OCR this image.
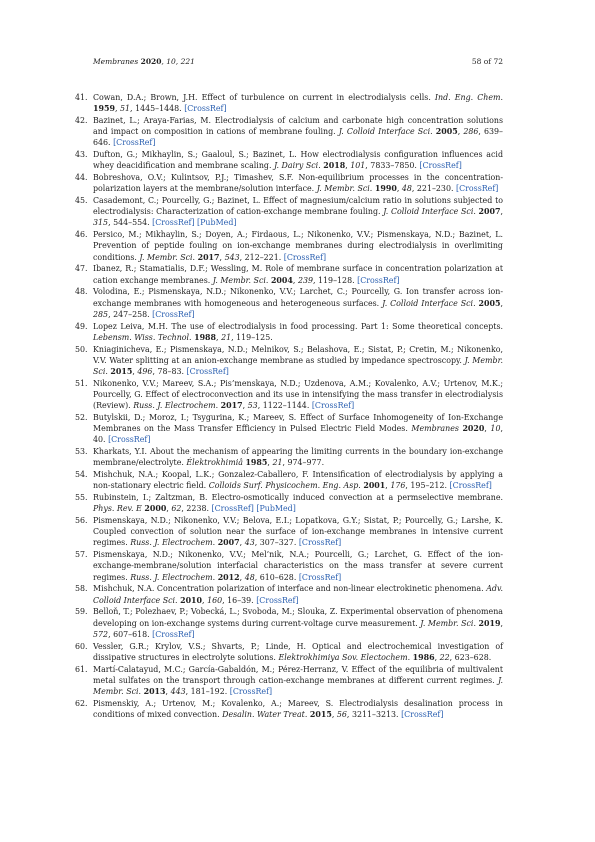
Membranes 2020, 10, 221	58 of 72
41. Cowan, D.A.; Brown, J.H. Effect of turbulence on current in electrodialysis cells. Ind. Eng. Chem. 1959, 51, 1445–1448. [CrossRef]
42. Bazinet, L.; Araya-Farias, M. Electrodialysis of calcium and carbonate high concentration solutions and impact on composition in cations of membrane fouling. J. Colloid Interface Sci. 2005, 286, 639–646. [CrossRef]
43. Dufton, G.; Mikhaylin, S.; Gaaloul, S.; Bazinet, L. How electrodialysis configuration influences acid whey deacidification and membrane scaling. J. Dairy Sci. 2018, 101, 7833–7850. [CrossRef]
44. Bobreshova, O.V.; Kulintsov, P.J.; Timashev, S.F. Non-equilibrium processes in the concentration-polarization layers at the membrane/solution interface. J. Membr. Sci. 1990, 48, 221–230. [CrossRef]
45. Casademont, C.; Pourcelly, G.; Bazinet, L. Effect of magnesium/calcium ratio in solutions subjected to electrodialysis: Characterization of cation-exchange membrane fouling. J. Colloid Interface Sci. 2007, 315, 544–554. [CrossRef] [PubMed]
46. Persico, M.; Mikhaylin, S.; Doyen, A.; Firdaous, L.; Nikonenko, V.V.; Pismenskaya, N.D.; Bazinet, L. Prevention of peptide fouling on ion-exchange membranes during electrodialysis in overlimiting conditions. J. Membr. Sci. 2017, 543, 212–221. [CrossRef]
47. Ibanez, R.; Stamatialis, D.F.; Wessling, M. Role of membrane surface in concentration polarization at cation exchange membranes. J. Membr. Sci. 2004, 239, 119–128. [CrossRef]
48. Volodina, E.; Pismenskaya, N.D.; Nikonenko, V.V.; Larchet, C.; Pourcelly, G. Ion transfer across ion-exchange membranes with homogeneous and heterogeneous surfaces. J. Colloid Interface Sci. 2005, 285, 247–258. [CrossRef]
49. Lopez Leiva, M.H. The use of electrodialysis in food processing. Part 1: Some theoretical concepts. Lebensm. Wiss. Technol. 1988, 21, 119–125.
50. Kniaginicheva, E.; Pismenskaya, N.D.; Melnikov, S.; Belashova, E.; Sistat, P.; Cretin, M.; Nikonenko, V.V. Water splitting at an anion-exchange membrane as studied by impedance spectroscopy. J. Membr. Sci. 2015, 496, 78–83. [CrossRef]
51. Nikonenko, V.V.; Mareev, S.A.; Pis’menskaya, N.D.; Uzdenova, A.M.; Kovalenko, A.V.; Urtenov, M.K.; Pourcelly, G. Effect of electroconvection and its use in intensifying the mass transfer in electrodialysis (Review). Russ. J. Electrochem. 2017, 53, 1122–1144. [CrossRef]
52. Butylskii, D.; Moroz, I.; Tsygurina, K.; Mareev, S. Effect of Surface Inhomogeneity of Ion-Exchange Membranes on the Mass Transfer Efficiency in Pulsed Electric Field Modes. Membranes 2020, 10, 40. [CrossRef]
53. Kharkats, Y.I. About the mechanism of appearing the limiting currents in the boundary ion-exchange membrane/electrolyte. Élektrokhimiâ 1985, 21, 974–977.
54. Mishchuk, N.A.; Koopal, L.K.; Gonzalez-Caballero, F. Intensification of electrodialysis by applying a non-stationary electric field. Colloids Surf. Physicochem. Eng. Asp. 2001, 176, 195–212. [CrossRef]
55. Rubinstein, I.; Zaltzman, B. Electro-osmotically induced convection at a permselective membrane. Phys. Rev. E 2000, 62, 2238. [CrossRef] [PubMed]
56. Pismenskaya, N.D.; Nikonenko, V.V.; Belova, E.I.; Lopatkova, G.Y.; Sistat, P.; Pourcelly, G.; Larshe, K. Coupled convection of solution near the surface of ion-exchange membranes in intensive current regimes. Russ. J. Electrochem. 2007, 43, 307–327. [CrossRef]
57. Pismenskaya, N.D.; Nikonenko, V.V.; Mel’nik, N.A.; Pourcelli, G.; Larchet, G. Effect of the ion-exchange-membrane/solution interfacial characteristics on the mass transfer at severe current regimes. Russ. J. Electrochem. 2012, 48, 610–628. [CrossRef]
58. Mishchuk, N.A. Concentration polarization of interface and non-linear electrokinetic phenomena. Adv. Colloid Interface Sci. 2010, 160, 16–39. [CrossRef]
59. Belloň, T.; Polezhaev, P.; Vobecká, L.; Svoboda, M.; Slouka, Z. Experimental observation of phenomena developing on ion-exchange systems during current-voltage curve measurement. J. Membr. Sci. 2019, 572, 607–618. [CrossRef]
60. Vessler, G.R.; Krylov, V.S.; Shvarts, P.; Linde, H. Optical and electrochemical investigation of dissipative structures in electrolyte solutions. Elektrokhimiya Sov. Electochem. 1986, 22, 623–628.
61. Martí-Calatayud, M.C.; García-Gabaldón, M.; Pérez-Herranz, V. Effect of the equilibria of multivalent metal sulfates on the transport through cation-exchange membranes at different current regimes. J. Membr. Sci. 2013, 443, 181–192. [CrossRef]
62. Pismenskiy, A.; Urtenov, M.; Kovalenko, A.; Mareev, S. Electrodialysis desalination process in conditions of mixed convection. Desalin. Water Treat. 2015, 56, 3211–3213. [CrossRef]
